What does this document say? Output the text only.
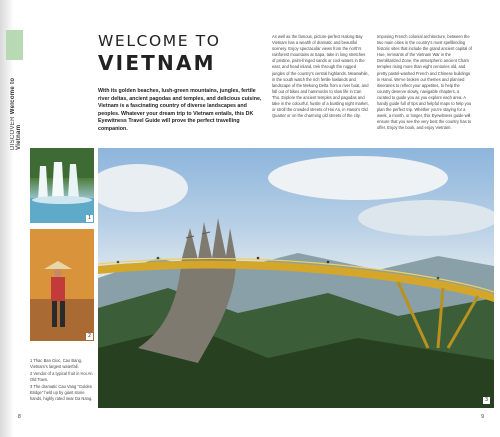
DISCOVER Welcome to Vietnam
WELCOME TO
VIETNAM

With its golden beaches, lush-green mountains, jungles, fertile river deltas, ancient pagodas and temples, and delicious cuisine, Vietnam is a fascinating country of diverse landscapes and peoples. Whatever your dream trip to Vietnam entails, this DK Eyewitness Travel Guide will prove the perfect travelling companion.

As well as the famous, picture-perfect Halong Bay Vietnam has a wealth of dramatic and beautiful scenery. Enjoy spectacular views from the north's rainforest mountains at Sapa, take in long stretches of pristine, palm-fringed sands or cool waters in the east, and head inland, trek through the rugged jungles of the country's central highlands. Meanwhile, in the south watch the rich fertile lowlands and landscape of the Mekong Delta from a river boat, and fall out of bikes and hammocks to slow life in Can Tho. Explore the ancient temples and pagodas and take in the colourful, hustle of a bustling night market, or stroll the crowded streets of Hoi An, in Hanoi's Old Quarter or on the charming old streets of the city.

Imposing French colonial architecture, between the two main cities in the country's most spellbinding historic sites that include the grand ancient capital of Hue, remnants of the Vietnam War in the Demilitarized Zone, the atmospheric ancient Cham temples rising more than eight centuries old, and pretty pastel-washed French and Chinese buildings in Hanoi. We've broken our themes and planned itineraries to reflect your appetites, to help the country deserve slowly, navigable chapters, a curated to guide you as you explore each area. A handy guide full of tips and helpful maps to help you plan the perfect trip. Whether you're staying for a week, a month, or longer, this Eyewitness guide will ensure that you see the very best the country has to offer. Enjoy the book, and enjoy Vietnam.

1
2
3

1 Thac Ban Gioc, Cao Bang, Vietnam's largest waterfall.

2 Vendor of a typical fruit in Hoi An Old Town.

3 The dramatic Cau Vang "Golden Bridge" held up by giant stone hands, highly rated near Da Nang.

8	9
